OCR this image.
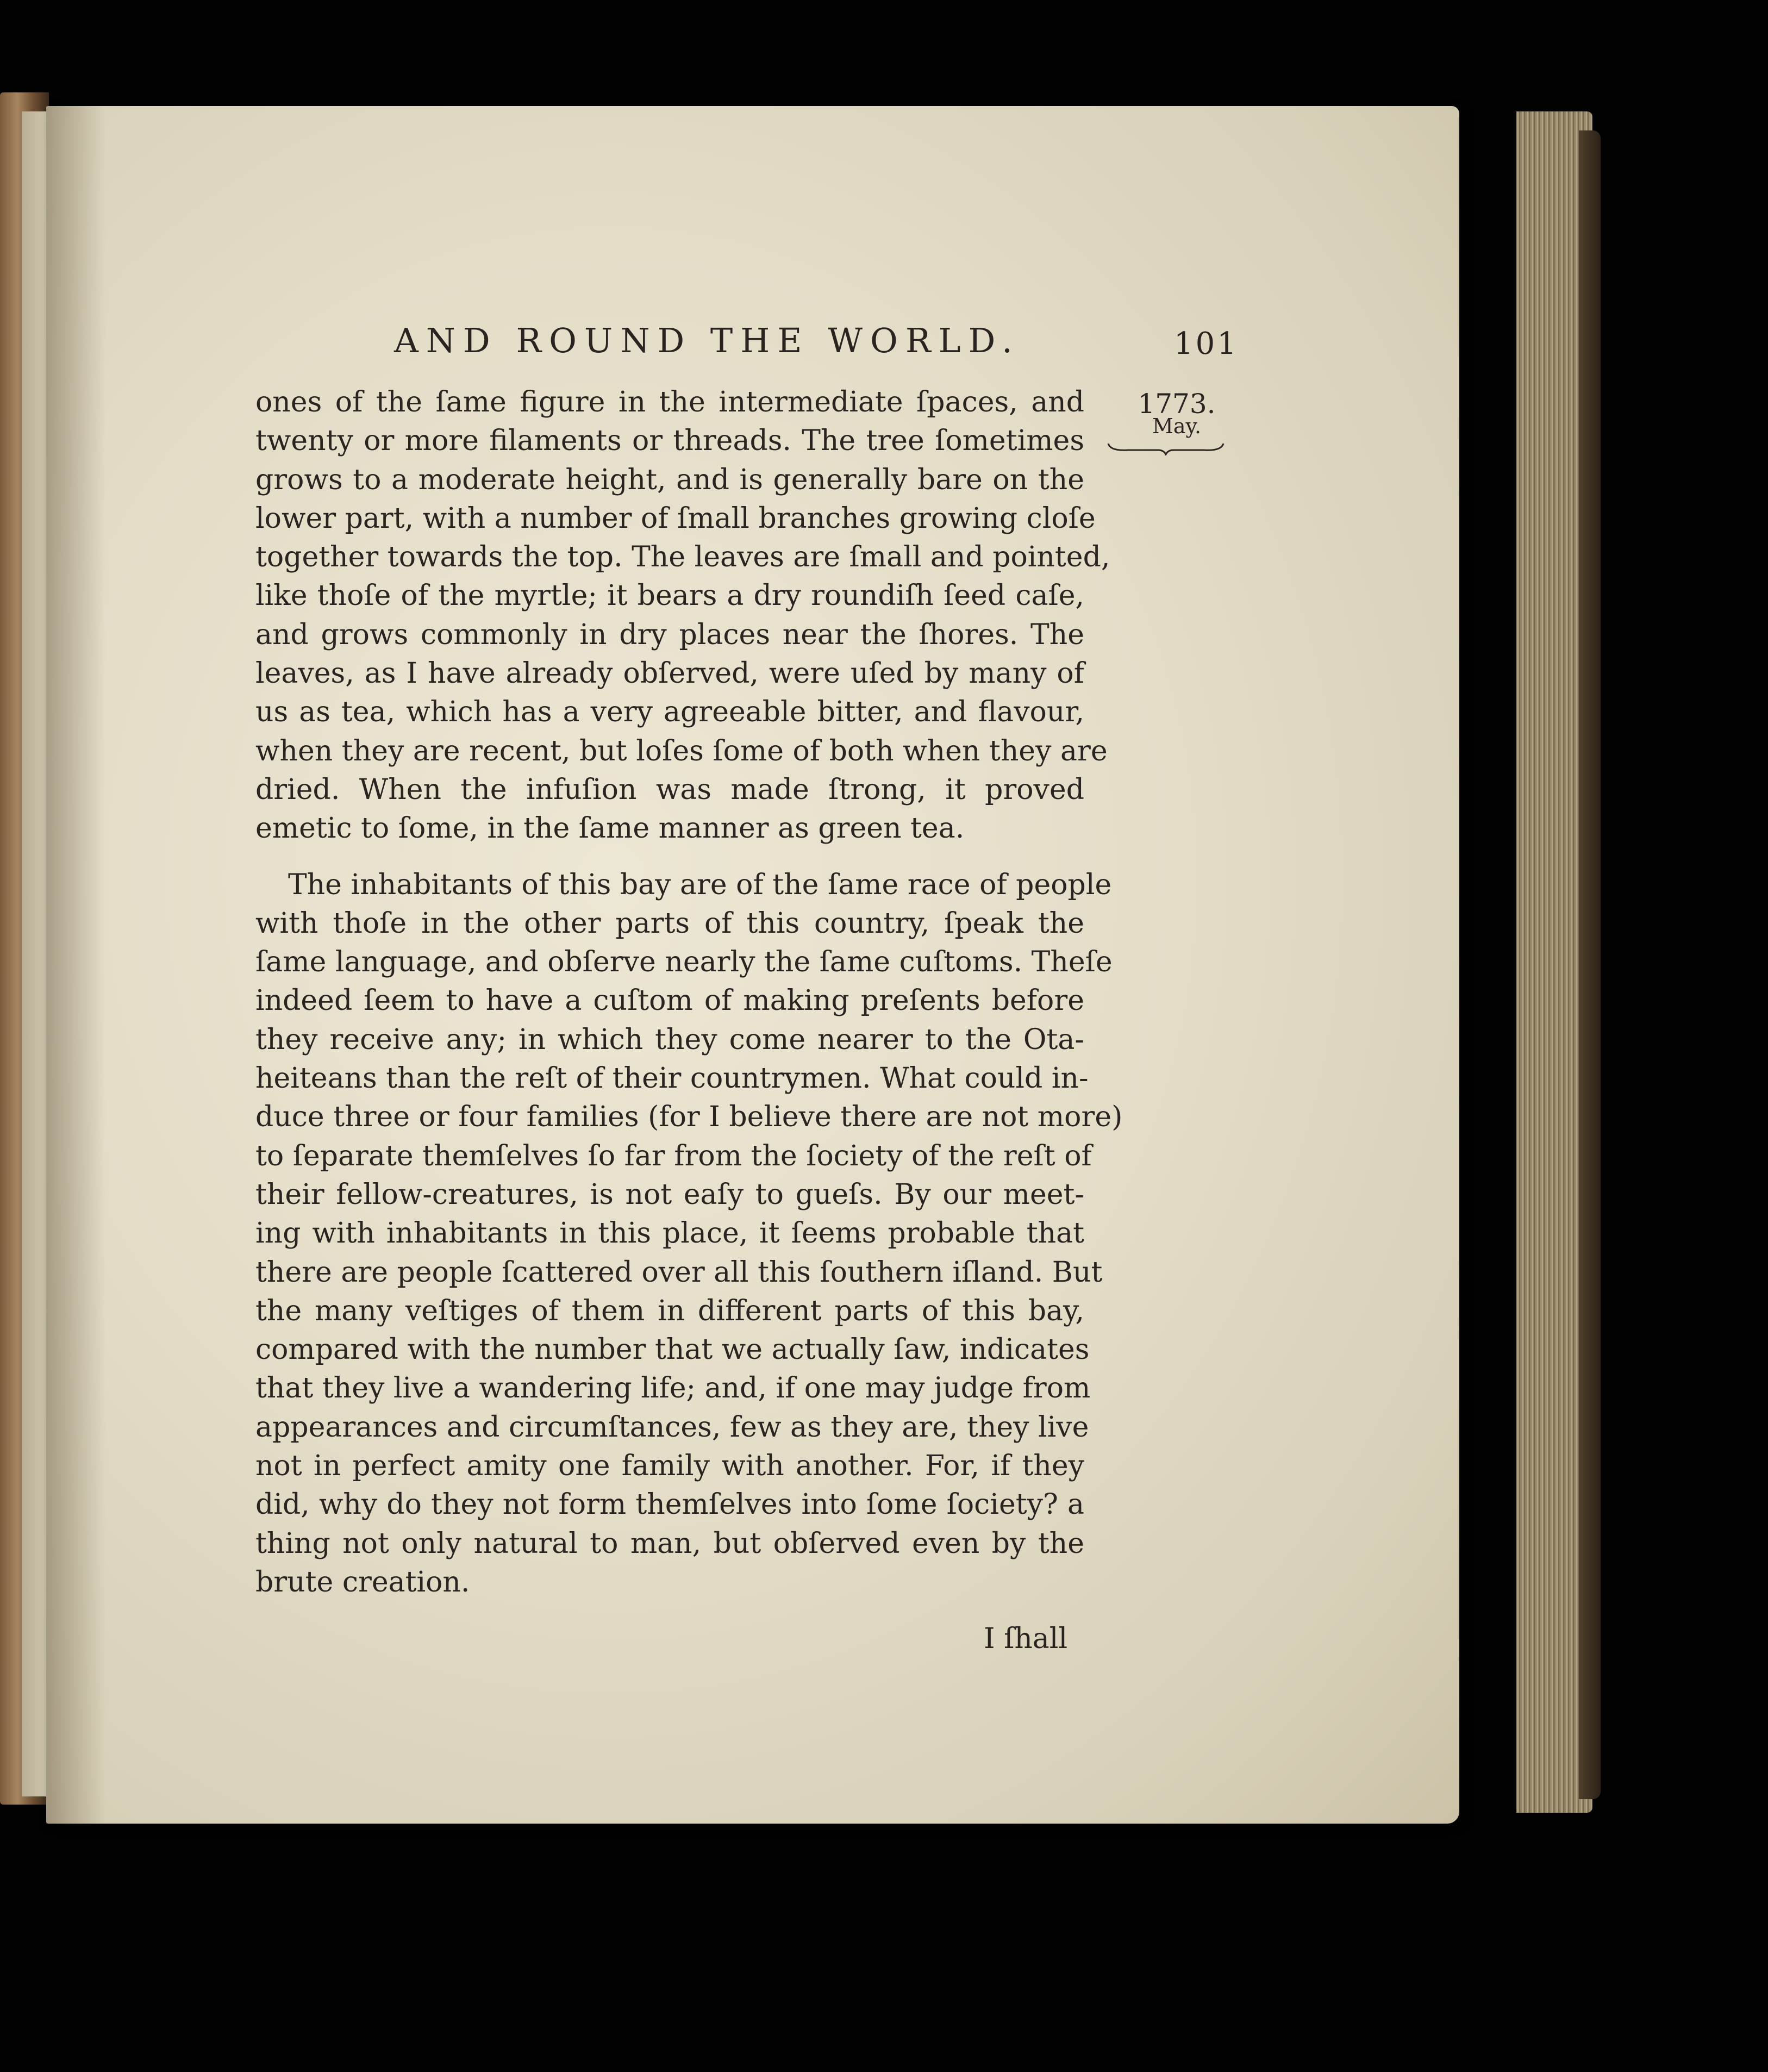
AND ROUND THE WORLD.	101
1773.
May.
ones of the ſame figure in the intermediate ſpaces, and
twenty or more filaments or threads. The tree ſometimes
grows to a moderate height, and is generally bare on the
lower part, with a number of ſmall branches growing cloſe
together towards the top. The leaves are ſmall and pointed,
like thoſe of the myrtle; it bears a dry roundiſh ſeed caſe,
and grows commonly in dry places near the ſhores. The
leaves, as I have already obſerved, were uſed by many of
us as tea, which has a very agreeable bitter, and flavour,
when they are recent, but loſes ſome of both when they are
dried. When the infuſion was made ſtrong, it proved
emetic to ſome, in the ſame manner as green tea.
The inhabitants of this bay are of the ſame race of people
with thoſe in the other parts of this country, ſpeak the
ſame language, and obſerve nearly the ſame cuſtoms. Theſe
indeed ſeem to have a cuſtom of making preſents before
they receive any; in which they come nearer to the Ota-
heiteans than the reſt of their countrymen. What could in-
duce three or four families (for I believe there are not more)
to ſeparate themſelves ſo far from the ſociety of the reſt of
their fellow-creatures, is not eaſy to gueſs. By our meet-
ing with inhabitants in this place, it ſeems probable that
there are people ſcattered over all this ſouthern iſland. But
the many veſtiges of them in different parts of this bay,
compared with the number that we actually ſaw, indicates
that they live a wandering life; and, if one may judge from
appearances and circumſtances, few as they are, they live
not in perfect amity one family with another. For, if they
did, why do they not form themſelves into ſome ſociety? a
thing not only natural to man, but obſerved even by the
brute creation.
I ſhall
